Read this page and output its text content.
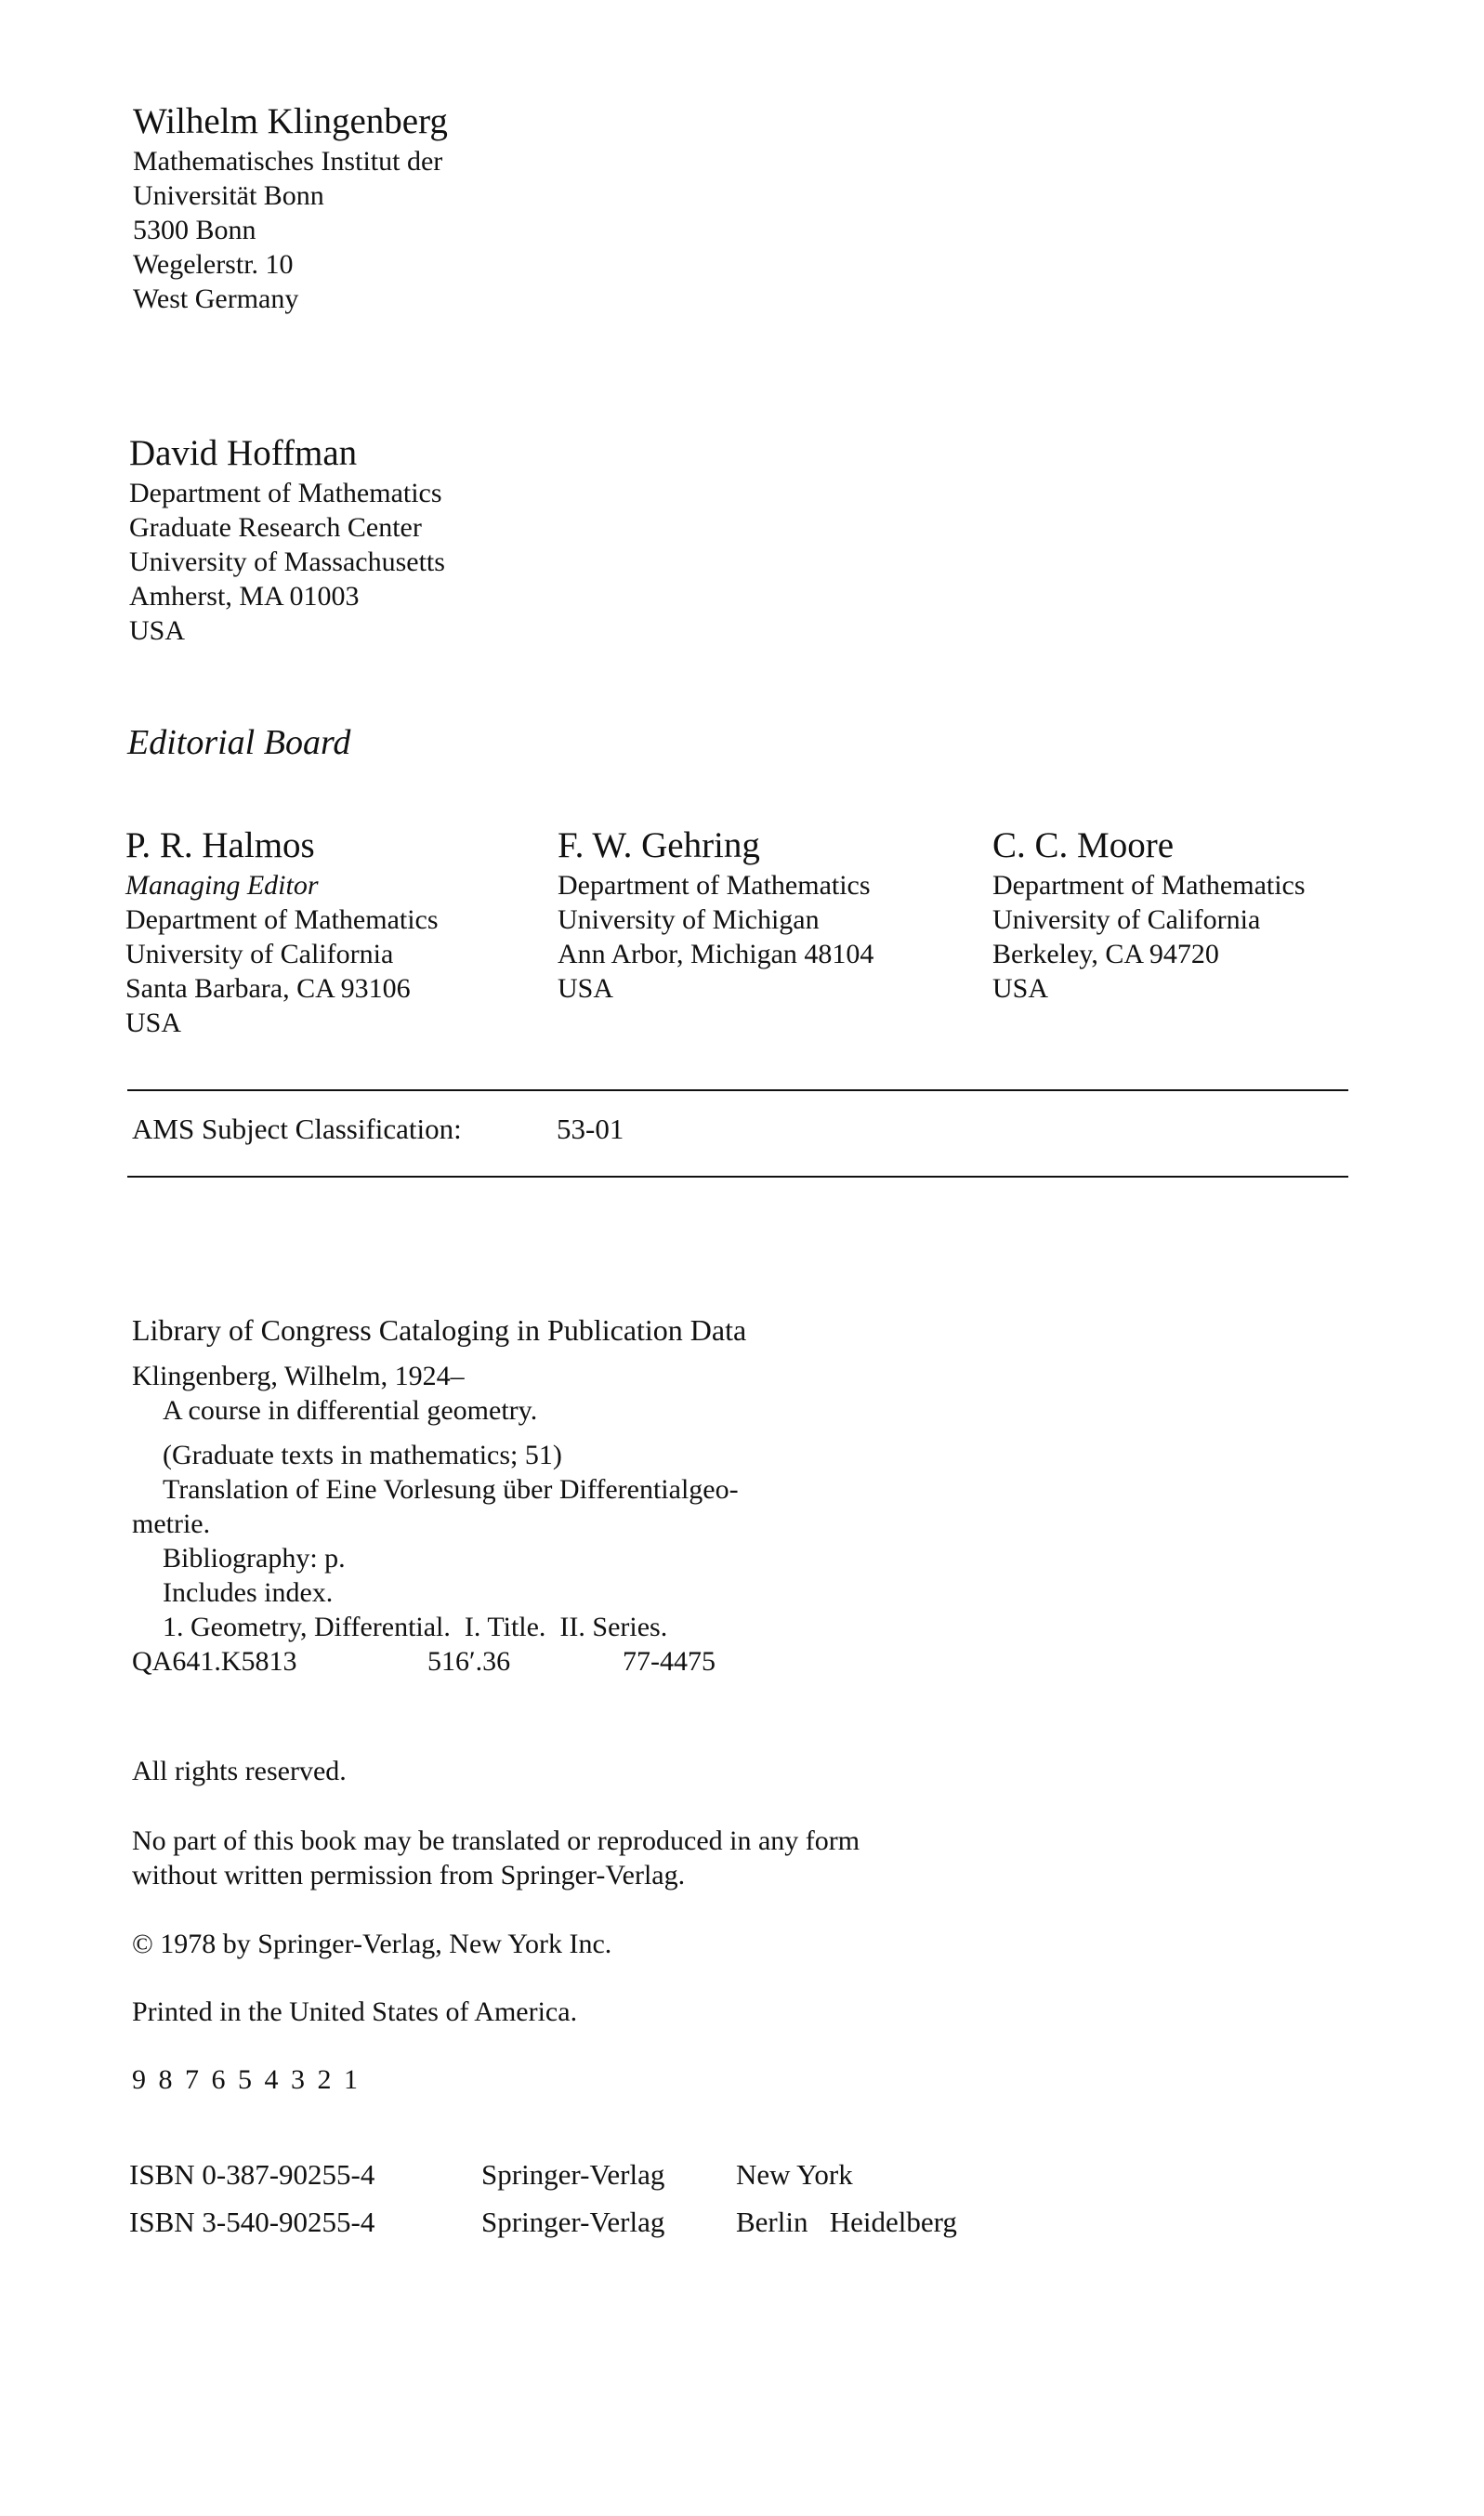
Wilhelm Klingenberg
Mathematisches Institut der
Universität Bonn
5300 Bonn
Wegelerstr. 10
West Germany
David Hoffman
Department of Mathematics
Graduate Research Center
University of Massachusetts
Amherst, MA 01003
USA
Editorial Board
P. R. Halmos
Managing Editor
Department of Mathematics
University of California
Santa Barbara, CA 93106
USA
F. W. Gehring
Department of Mathematics
University of Michigan
Ann Arbor, Michigan 48104
USA
C. C. Moore
Department of Mathematics
University of California
Berkeley, CA 94720
USA
AMS Subject Classification:	53-01
Library of Congress Cataloging in Publication Data
Klingenberg, Wilhelm, 1924–
A course in differential geometry.
(Graduate texts in mathematics; 51)
Translation of Eine Vorlesung über Differentialgeo-
metrie.
Bibliography: p.
Includes index.
1. Geometry, Differential.  I. Title.  II. Series.
QA641.K5813	516′.36	77-4475
All rights reserved.
No part of this book may be translated or reproduced in any form
without written permission from Springer-Verlag.
© 1978 by Springer-Verlag, New York Inc.
Printed in the United States of America.
9 8 7 6 5 4 3 2 1
ISBN 0-387-90255-4	Springer-Verlag New York
ISBN 3-540-90255-4	Springer-Verlag Berlin   Heidelberg
